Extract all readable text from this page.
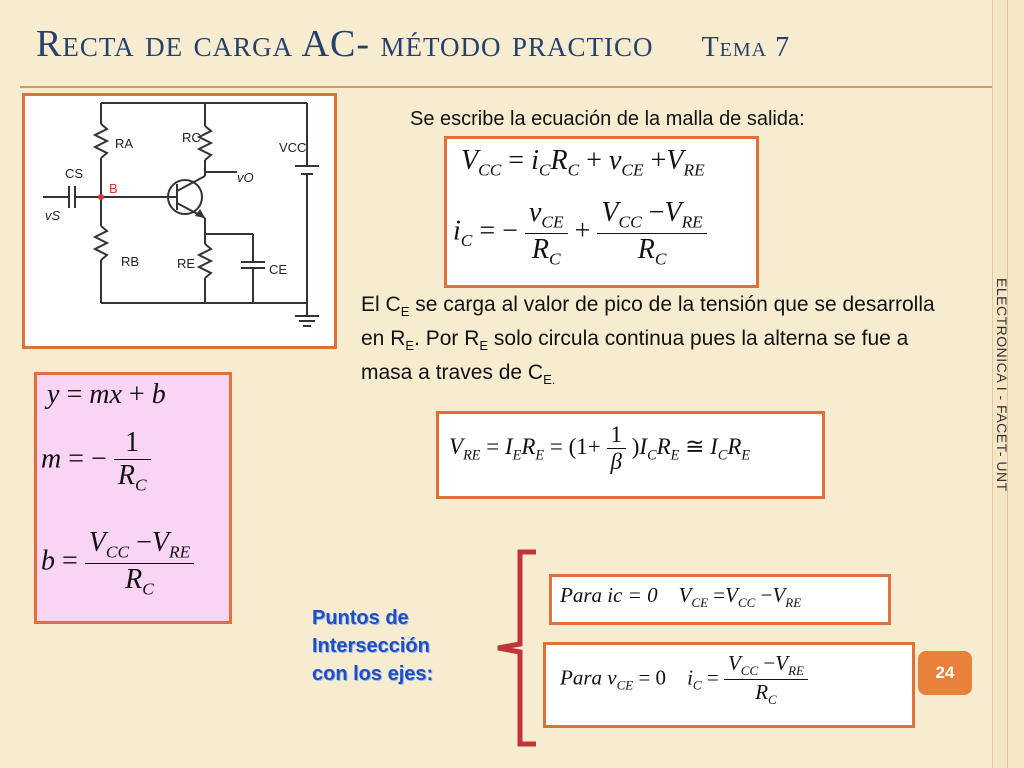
ELECTRONICA I - FACET- UNT
Recta de carga AC- método practico Tema 7
RA	RC
VCC
vO
CS
B
vS
RB	RE	CE
Se escribe la ecuación de la malla de salida:
$V_{CC} = i_CR_C + v_{CE} +V_{RE}$
$i_C$ = − $\frac{v_{CE}}{R_C} + \frac{V_{CC} -V_{RE}}{R_C}$
El $C_E$ se carga al valor de pico de la tensión que se desarrolla en $R_E$. Por $R_E$ solo circula continua pues la alterna se fue a masa a traves de $C_{E.}$
y = mx + b
m = − $\frac{1}{R_C}$
$b = \frac{V_{CC} -V_{RE}}{R_C}$
$V_{RE} = I_ER_E = (1+ \frac{1}{\beta} )I_CR_E$ ≅ $I_CR_E$
Puntos de
Intersección
con los ejes:
Para ic = 0    $V_{CE} =V_{CC} -V_{RE}$
Para $v_{CE} = 0$    $i_C = \frac{V_{CC} -V_{RE}}{R_C}$	24
